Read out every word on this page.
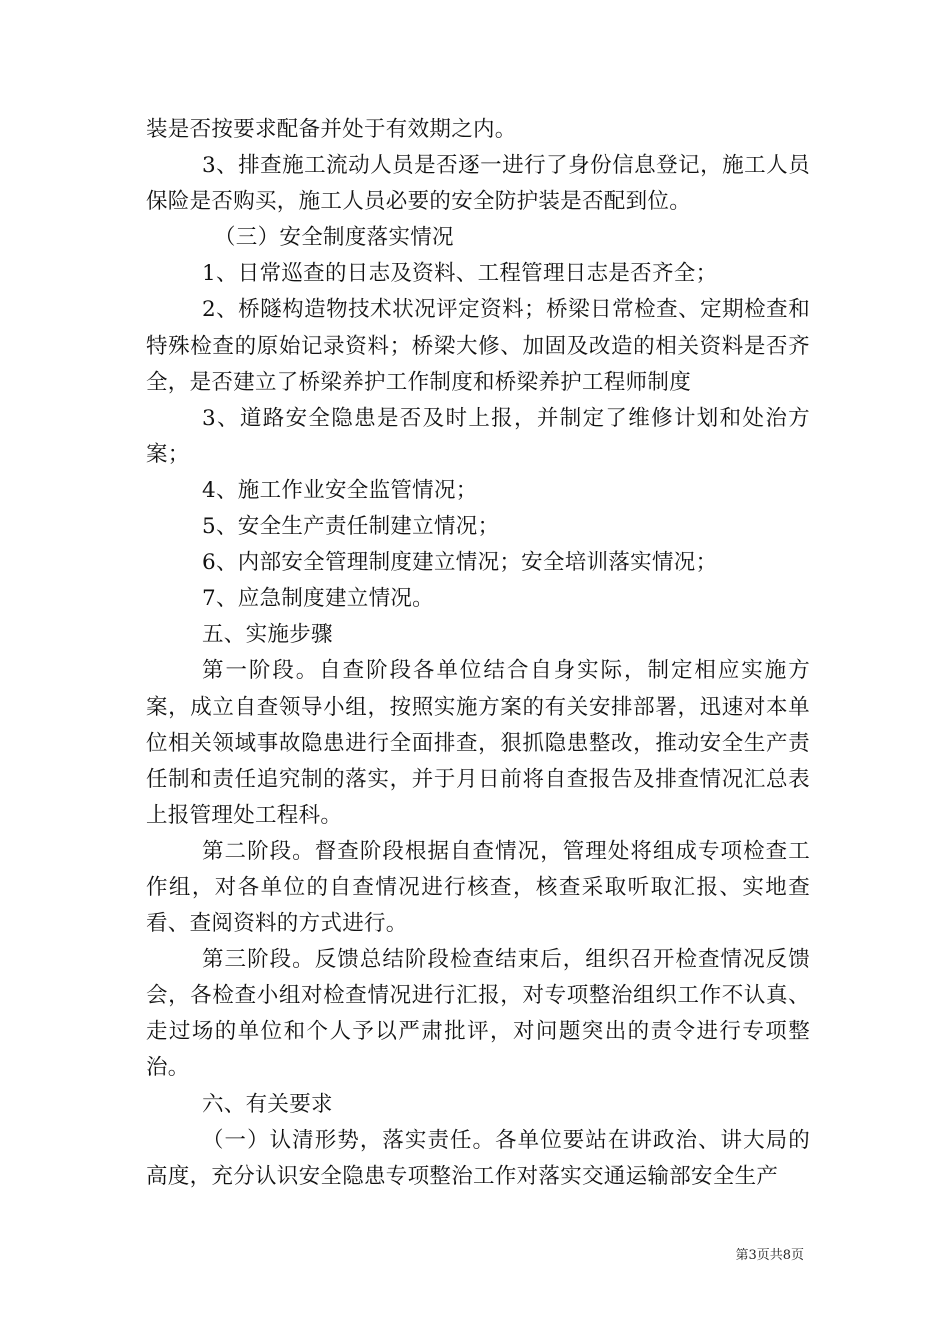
装是否按要求配备并处于有效期之内。

3、排查施工流动人员是否逐一进行了身份信息登记，施工人员保险是否购买，施工人员必要的安全防护装是否配到位。

（三）安全制度落实情况

1、日常巡查的日志及资料、工程管理日志是否齐全；

2、桥隧构造物技术状况评定资料；桥梁日常检查、定期检查和特殊检查的原始记录资料；桥梁大修、加固及改造的相关资料是否齐全，是否建立了桥梁养护工作制度和桥梁养护工程师制度

3、道路安全隐患是否及时上报，并制定了维修计划和处治方案；

4、施工作业安全监管情况；

5、安全生产责任制建立情况；

6、内部安全管理制度建立情况；安全培训落实情况；

7、应急制度建立情况。

五、实施步骤

第一阶段。自查阶段各单位结合自身实际，制定相应实施方案，成立自查领导小组，按照实施方案的有关安排部署，迅速对本单位相关领域事故隐患进行全面排查，狠抓隐患整改，推动安全生产责任制和责任追究制的落实，并于月日前将自查报告及排查情况汇总表上报管理处工程科。

第二阶段。督查阶段根据自查情况，管理处将组成专项检查工作组，对各单位的自查情况进行核查，核查采取听取汇报、实地查看、查阅资料的方式进行。

第三阶段。反馈总结阶段检查结束后，组织召开检查情况反馈会，各检查小组对检查情况进行汇报，对专项整治组织工作不认真、走过场的单位和个人予以严肃批评，对问题突出的责令进行专项整治。

六、有关要求

（一）认清形势，落实责任。各单位要站在讲政治、讲大局的高度，充分认识安全隐患专项整治工作对落实交通运输部安全生产

第3页共8页
